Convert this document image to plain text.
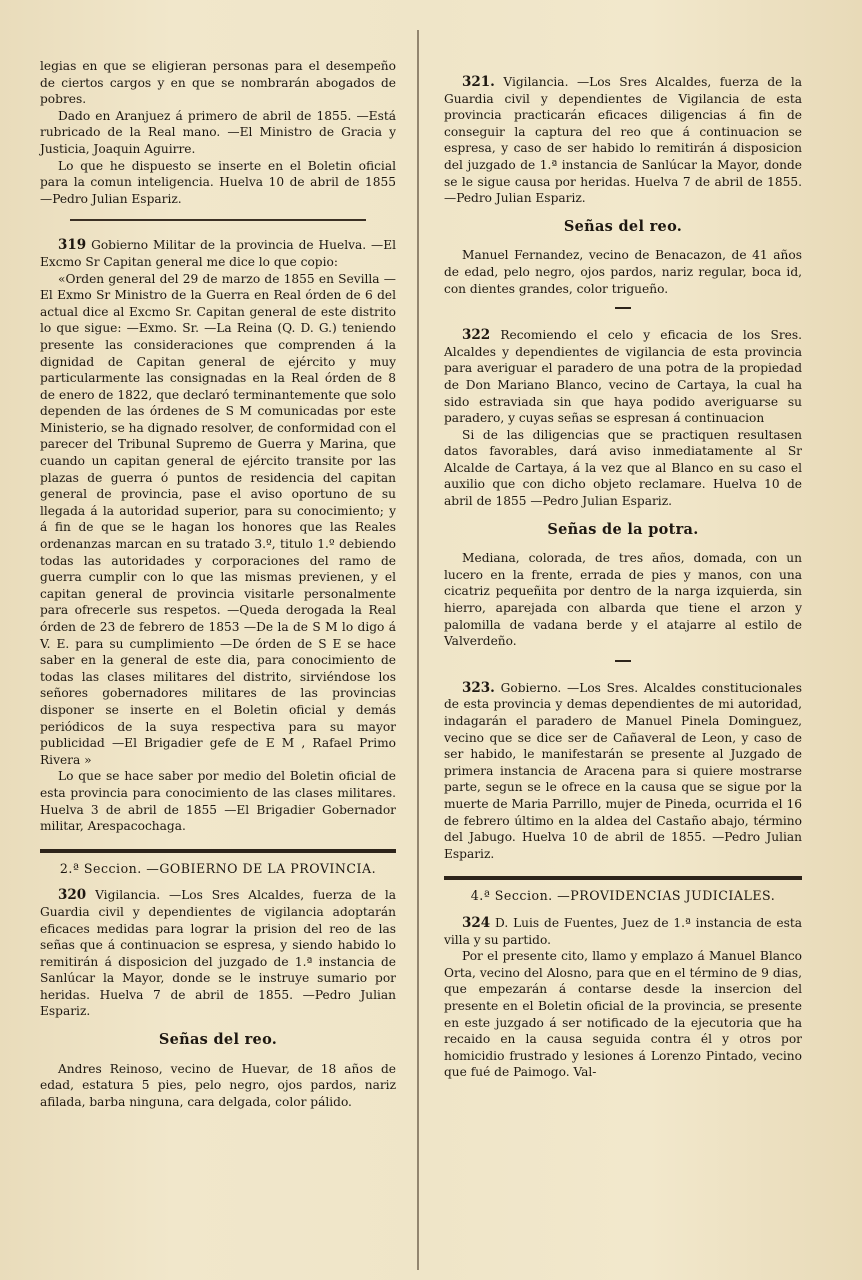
legias en que se eligieran personas para el desempeño de ciertos cargos y en que se nombrarán abogados de pobres.

Dado en Aranjuez á primero de abril de 1855. —Está rubricado de la Real mano. —El Ministro de Gracia y Justicia, Joaquin Aguirre.

Lo que he dispuesto se inserte en el Boletin oficial para la comun inteligencia. Huelva 10 de abril de 1855 —Pedro Julian Espariz.

319 Gobierno Militar de la provincia de Huelva. —El Excmo Sr Capitan general me dice lo que copio:

«Orden general del 29 de marzo de 1855 en Sevilla —El Exmo Sr Ministro de la Guerra en Real órden de 6 del actual dice al Excmo Sr. Capitan general de este distrito lo que sigue: —Exmo. Sr. —La Reina (Q. D. G.) teniendo presente las consideraciones que comprenden á la dignidad de Capitan general de ejército y muy particularmente las consignadas en la Real órden de 8 de enero de 1822, que declaró terminantemente que solo dependen de las órdenes de S M comunicadas por este Ministerio, se ha dignado resolver, de conformidad con el parecer del Tribunal Supremo de Guerra y Marina, que cuando un capitan general de ejército transite por las plazas de guerra ó puntos de residencia del capitan general de provincia, pase el aviso oportuno de su llegada á la autoridad superior, para su conocimiento; y á fin de que se le hagan los honores que las Reales ordenanzas marcan en su tratado 3.º, titulo 1.º debiendo todas las autoridades y corporaciones del ramo de guerra cumplir con lo que las mismas previenen, y el capitan general de provincia visitarle personalmente para ofrecerle sus respetos. —Queda derogada la Real órden de 23 de febrero de 1853 —De la de S M lo digo á V. E. para su cumplimiento —De órden de S E se hace saber en la general de este dia, para conocimiento de todas las clases militares del distrito, sirviéndose los señores gobernadores militares de las provincias disponer se inserte en el Boletin oficial y demás periódicos de la suya respectiva para su mayor publicidad —El Brigadier gefe de E M , Rafael Primo Rivera »

Lo que se hace saber por medio del Boletin oficial de esta provincia para conocimiento de las clases militares. Huelva 3 de abril de 1855 —El Brigadier Gobernador militar, Arespacochaga.

2.ª Seccion. —GOBIERNO DE LA PROVINCIA.

320 Vigilancia. —Los Sres Alcaldes, fuerza de la Guardia civil y dependientes de vigilancia adoptarán eficaces medidas para lograr la prision del reo de las señas que á continuacion se espresa, y siendo habido lo remitirán á disposicion del juzgado de 1.ª instancia de Sanlúcar la Mayor, donde se le instruye sumario por heridas. Huelva 7 de abril de 1855. —Pedro Julian Espariz.

Señas del reo.

Andres Reinoso, vecino de Huevar, de 18 años de edad, estatura 5 pies, pelo negro, ojos pardos, nariz afilada, barba ninguna, cara delgada, color pálido.

321. Vigilancia. —Los Sres Alcaldes, fuerza de la Guardia civil y dependientes de Vigilancia de esta provincia practicarán eficaces diligencias á fin de conseguir la captura del reo que á continuacion se espresa, y caso de ser habido lo remitirán á disposicion del juzgado de 1.ª instancia de Sanlúcar la Mayor, donde se le sigue causa por heridas. Huelva 7 de abril de 1855. —Pedro Julian Espariz.

Señas del reo.

Manuel Fernandez, vecino de Benacazon, de 41 años de edad, pelo negro, ojos pardos, nariz regular, boca id, con dientes grandes, color trigueño.

322 Recomiendo el celo y eficacia de los Sres. Alcaldes y dependientes de vigilancia de esta provincia para averiguar el paradero de una potra de la propiedad de Don Mariano Blanco, vecino de Cartaya, la cual ha sido estraviada sin que haya podido averiguarse su paradero, y cuyas señas se espresan á continuacion

Si de las diligencias que se practiquen resultasen datos favorables, dará aviso inmediatamente al Sr Alcalde de Cartaya, á la vez que al Blanco en su caso el auxilio que con dicho objeto reclamare. Huelva 10 de abril de 1855 —Pedro Julian Espariz.

Señas de la potra.

Mediana, colorada, de tres años, domada, con un lucero en la frente, errada de pies y manos, con una cicatriz pequeñita por dentro de la narga izquierda, sin hierro, aparejada con albarda que tiene el arzon y palomilla de vadana berde y el atajarre al estilo de Valverdeño.

323. Gobierno. —Los Sres. Alcaldes constitucionales de esta provincia y demas dependientes de mi autoridad, indagarán el paradero de Manuel Pinela Dominguez, vecino que se dice ser de Cañaveral de Leon, y caso de ser habido, le manifestarán se presente al Juzgado de primera instancia de Aracena para si quiere mostrarse parte, segun se le ofrece en la causa que se sigue por la muerte de Maria Parrillo, mujer de Pineda, ocurrida el 16 de febrero último en la aldea del Castaño abajo, término del Jabugo. Huelva 10 de abril de 1855. —Pedro Julian Espariz.

4.ª Seccion. —PROVIDENCIAS JUDICIALES.

324 D. Luis de Fuentes, Juez de 1.ª instancia de esta villa y su partido.

Por el presente cito, llamo y emplazo á Manuel Blanco Orta, vecino del Alosno, para que en el término de 9 dias, que empezarán á contarse desde la insercion del presente en el Boletin oficial de la provincia, se presente en este juzgado á ser notificado de la ejecutoria que ha recaido en la causa seguida contra él y otros por homicidio frustrado y lesiones á Lorenzo Pintado, vecino que fué de Paimogo. Val-
